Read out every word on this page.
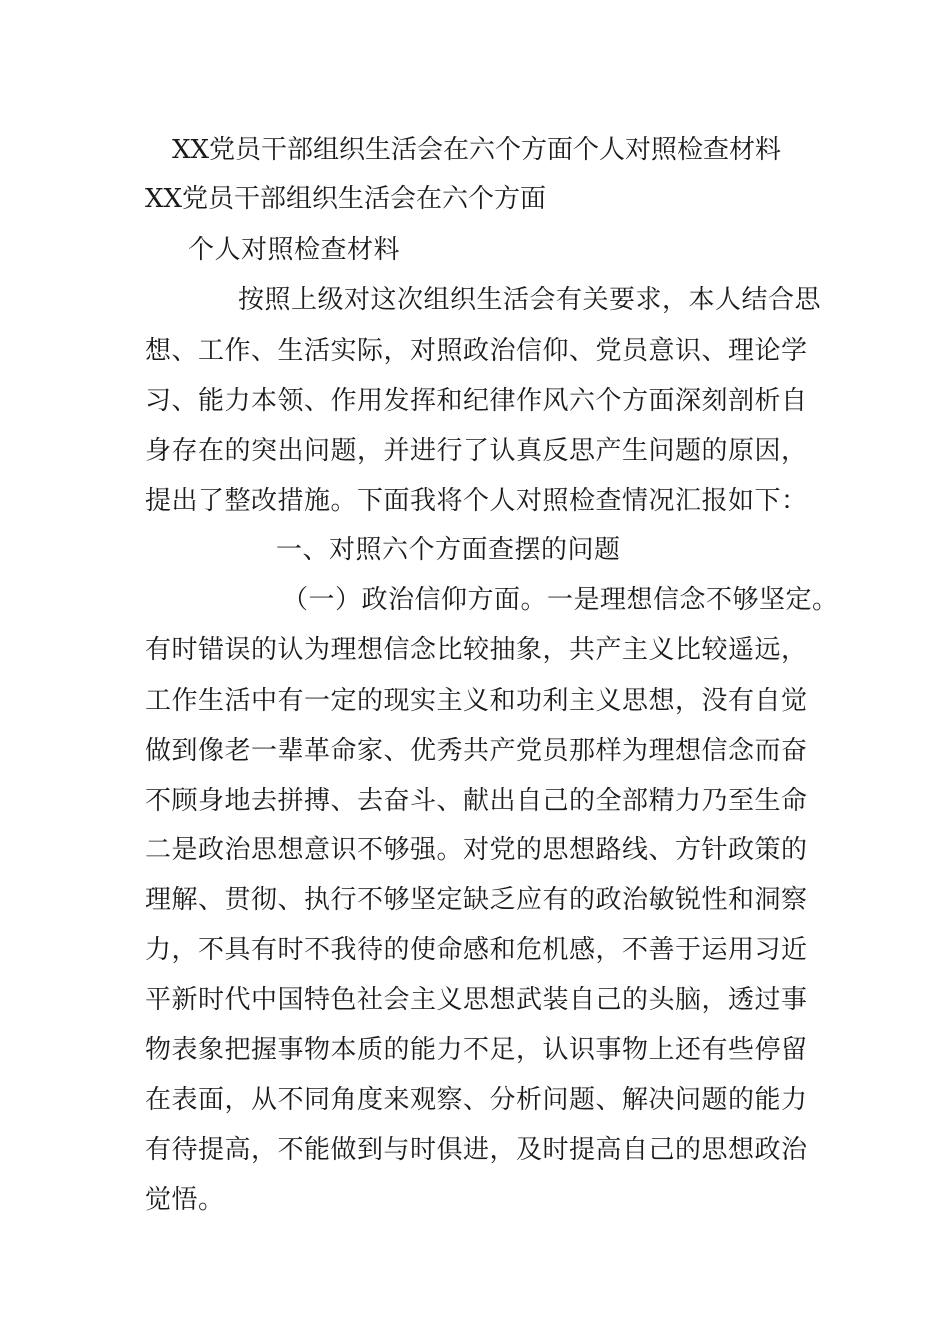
XX党员干部组织生活会在六个方面个人对照检查材料
XX党员干部组织生活会在六个方面
个人对照检查材料
按照上级对这次组织生活会有关要求，本人结合思
想、工作、生活实际，对照政治信仰、党员意识、理论学
习、能力本领、作用发挥和纪律作风六个方面深刻剖析自
身存在的突出问题，并进行了认真反思产生问题的原因，
提出了整改措施。下面我将个人对照检查情况汇报如下：
一、对照六个方面查摆的问题
（一）政治信仰方面。一是理想信念不够坚定。
有时错误的认为理想信念比较抽象，共产主义比较遥远，
工作生活中有一定的现实主义和功利主义思想，没有自觉
做到像老一辈革命家、优秀共产党员那样为理想信念而奋
不顾身地去拼搏、去奋斗、献出自己的全部精力乃至生命
二是政治思想意识不够强。对党的思想路线、方针政策的
理解、贯彻、执行不够坚定缺乏应有的政治敏锐性和洞察
力，不具有时不我待的使命感和危机感，不善于运用习近
平新时代中国特色社会主义思想武装自己的头脑，透过事
物表象把握事物本质的能力不足，认识事物上还有些停留
在表面，从不同角度来观察、分析问题、解决问题的能力
有待提高，不能做到与时俱进，及时提高自己的思想政治
觉悟。
